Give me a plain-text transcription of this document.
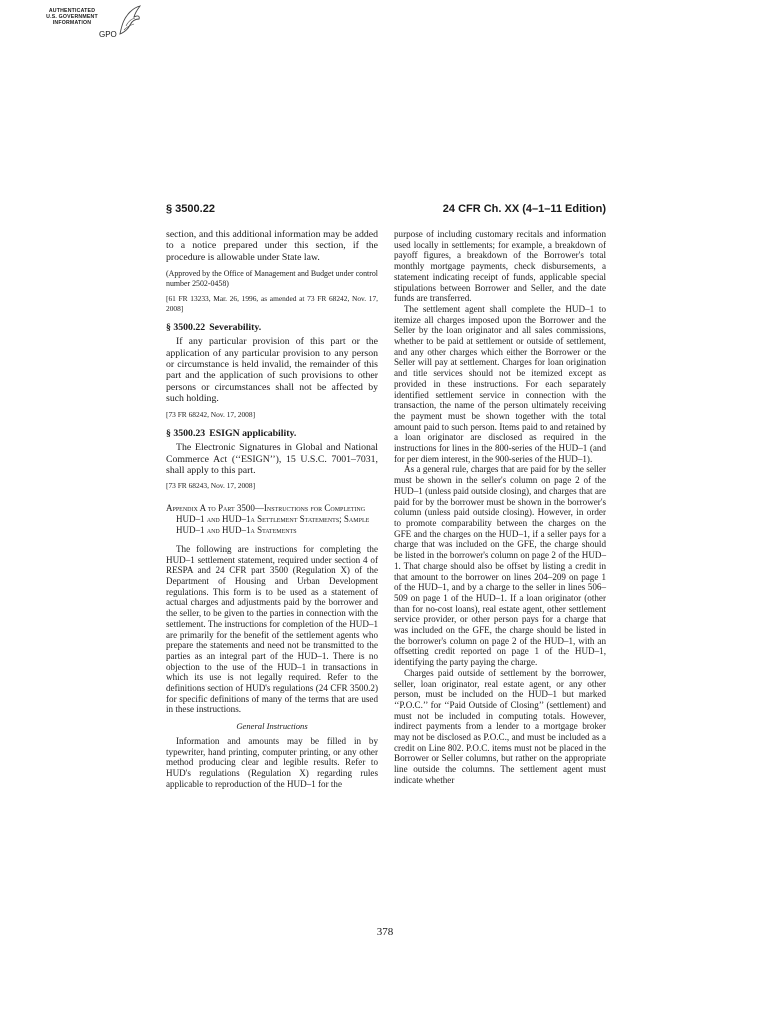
AUTHENTICATED
U.S. GOVERNMENT
INFORMATION
GPO
§ 3500.22	24 CFR Ch. XX (4–1–11 Edition)

section, and this additional information may be added to a notice prepared under this section, if the procedure is allowable under State law.

(Approved by the Office of Management and Budget under control number 2502-0458)

[61 FR 13233, Mar. 26, 1996, as amended at 73 FR 68242, Nov. 17, 2008]

§ 3500.22 Severability.

If any particular provision of this part or the application of any particular provision to any person or circumstance is held invalid, the remainder of this part and the application of such provisions to other persons or circumstances shall not be affected by such holding.

[73 FR 68242, Nov. 17, 2008]

§ 3500.23 ESIGN applicability.

The Electronic Signatures in Global and National Commerce Act (‘‘ESIGN’’), 15 U.S.C. 7001–7031, shall apply to this part.

[73 FR 68243, Nov. 17, 2008]

Appendix A to Part 3500—Instructions for Completing HUD–1 and HUD–1a Settlement Statements; Sample HUD–1 and HUD–1a Statements

The following are instructions for completing the HUD–1 settlement statement, required under section 4 of RESPA and 24 CFR part 3500 (Regulation X) of the Department of Housing and Urban Development regulations. This form is to be used as a statement of actual charges and adjustments paid by the borrower and the seller, to be given to the parties in connection with the settlement. The instructions for completion of the HUD–1 are primarily for the benefit of the settlement agents who prepare the statements and need not be transmitted to the parties as an integral part of the HUD–1. There is no objection to the use of the HUD–1 in transactions in which its use is not legally required. Refer to the definitions section of HUD's regulations (24 CFR 3500.2) for specific definitions of many of the terms that are used in these instructions.

General Instructions

Information and amounts may be filled in by typewriter, hand printing, computer printing, or any other method producing clear and legible results. Refer to HUD's regulations (Regulation X) regarding rules applicable to reproduction of the HUD–1 for the

purpose of including customary recitals and information used locally in settlements; for example, a breakdown of payoff figures, a breakdown of the Borrower's total monthly mortgage payments, check disbursements, a statement indicating receipt of funds, applicable special stipulations between Borrower and Seller, and the date funds are transferred.

The settlement agent shall complete the HUD–1 to itemize all charges imposed upon the Borrower and the Seller by the loan originator and all sales commissions, whether to be paid at settlement or outside of settlement, and any other charges which either the Borrower or the Seller will pay at settlement. Charges for loan origination and title services should not be itemized except as provided in these instructions. For each separately identified settlement service in connection with the transaction, the name of the person ultimately receiving the payment must be shown together with the total amount paid to such person. Items paid to and retained by a loan originator are disclosed as required in the instructions for lines in the 800-series of the HUD–1 (and for per diem interest, in the 900-series of the HUD–1).

As a general rule, charges that are paid for by the seller must be shown in the seller's column on page 2 of the HUD–1 (unless paid outside closing), and charges that are paid for by the borrower must be shown in the borrower's column (unless paid outside closing). However, in order to promote comparability between the charges on the GFE and the charges on the HUD–1, if a seller pays for a charge that was included on the GFE, the charge should be listed in the borrower's column on page 2 of the HUD–1. That charge should also be offset by listing a credit in that amount to the borrower on lines 204–209 on page 1 of the HUD–1, and by a charge to the seller in lines 506–509 on page 1 of the HUD–1. If a loan originator (other than for no-cost loans), real estate agent, other settlement service provider, or other person pays for a charge that was included on the GFE, the charge should be listed in the borrower's column on page 2 of the HUD–1, with an offsetting credit reported on page 1 of the HUD–1, identifying the party paying the charge.

Charges paid outside of settlement by the borrower, seller, loan originator, real estate agent, or any other person, must be included on the HUD–1 but marked ‘‘P.O.C.’’ for ‘‘Paid Outside of Closing’’ (settlement) and must not be included in computing totals. However, indirect payments from a lender to a mortgage broker may not be disclosed as P.O.C., and must be included as a credit on Line 802. P.O.C. items must not be placed in the Borrower or Seller columns, but rather on the appropriate line outside the columns. The settlement agent must indicate whether

378
